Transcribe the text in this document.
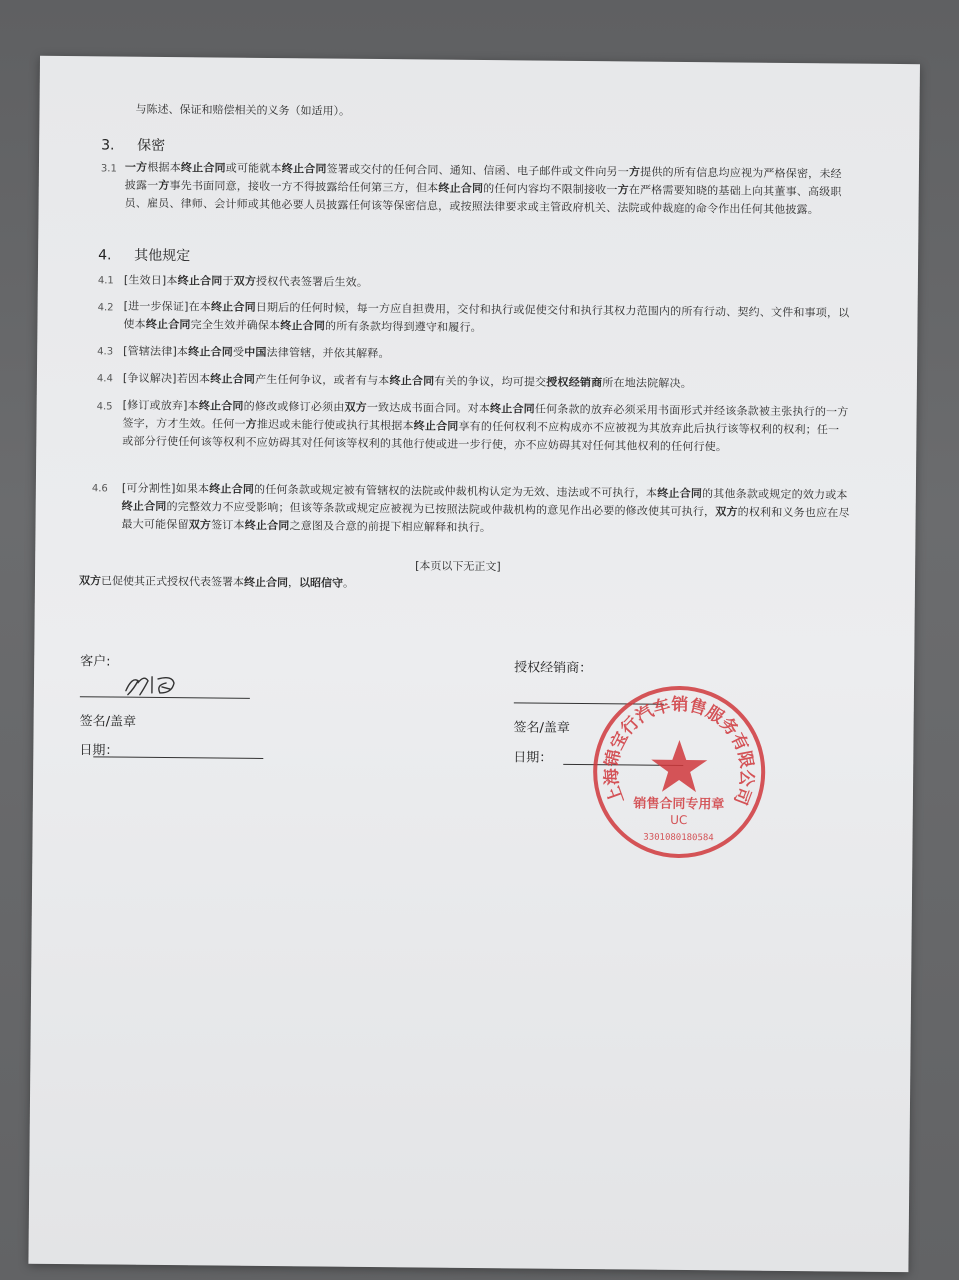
与陈述、保证和赔偿相关的义务（如适用）。
3. 保密
3.1 一方根据本终止合同或可能就本终止合同签署或交付的任何合同、通知、信函、电子邮件或文件向另一方提供的所有信息均应视为严格保密，未经披露一方事先书面同意，接收一方不得披露给任何第三方，但本终止合同的任何内容均不限制接收一方在严格需要知晓的基础上向其董事、高级职员、雇员、律师、会计师或其他必要人员披露任何该等保密信息，或按照法律要求或主管政府机关、法院或仲裁庭的命令作出任何其他披露。
4. 其他规定
4.1 [生效日]本终止合同于双方授权代表签署后生效。
4.2 [进一步保证]在本终止合同日期后的任何时候，每一方应自担费用，交付和执行或促使交付和执行其权力范围内的所有行动、契约、文件和事项，以使本终止合同完全生效并确保本终止合同的所有条款均得到遵守和履行。
4.3 [管辖法律]本终止合同受中国法律管辖，并依其解释。
4.4 [争议解决]若因本终止合同产生任何争议，或者有与本终止合同有关的争议，均可提交授权经销商所在地法院解决。
4.5 [修订或放弃]本终止合同的修改或修订必须由双方一致达成书面合同。对本终止合同任何条款的放弃必须采用书面形式并经该条款被主张执行的一方签字，方才生效。任何一方推迟或未能行使或执行其根据本终止合同享有的任何权利不应构成亦不应被视为其放弃此后执行该等权利的权利；任一或部分行使任何该等权利不应妨碍其对任何该等权利的其他行使或进一步行使，亦不应妨碍其对任何其他权利的任何行使。
4.6 [可分割性]如果本终止合同的任何条款或规定被有管辖权的法院或仲裁机构认定为无效、违法或不可执行，本终止合同的其他条款或规定的效力或本终止合同的完整效力不应受影响；但该等条款或规定应被视为已按照法院或仲裁机构的意见作出必要的修改使其可执行，双方的权利和义务也应在尽最大可能保留双方签订本终止合同之意图及合意的前提下相应解释和执行。
[本页以下无正文]
双方已促使其正式授权代表签署本终止合同，以昭信守。
客户:
签名/盖章
日期：
授权经销商：
签名/盖章
日期：
上海锦宝行汽车销售服务有限公司
销售合同专用章
UC
3301080180584
